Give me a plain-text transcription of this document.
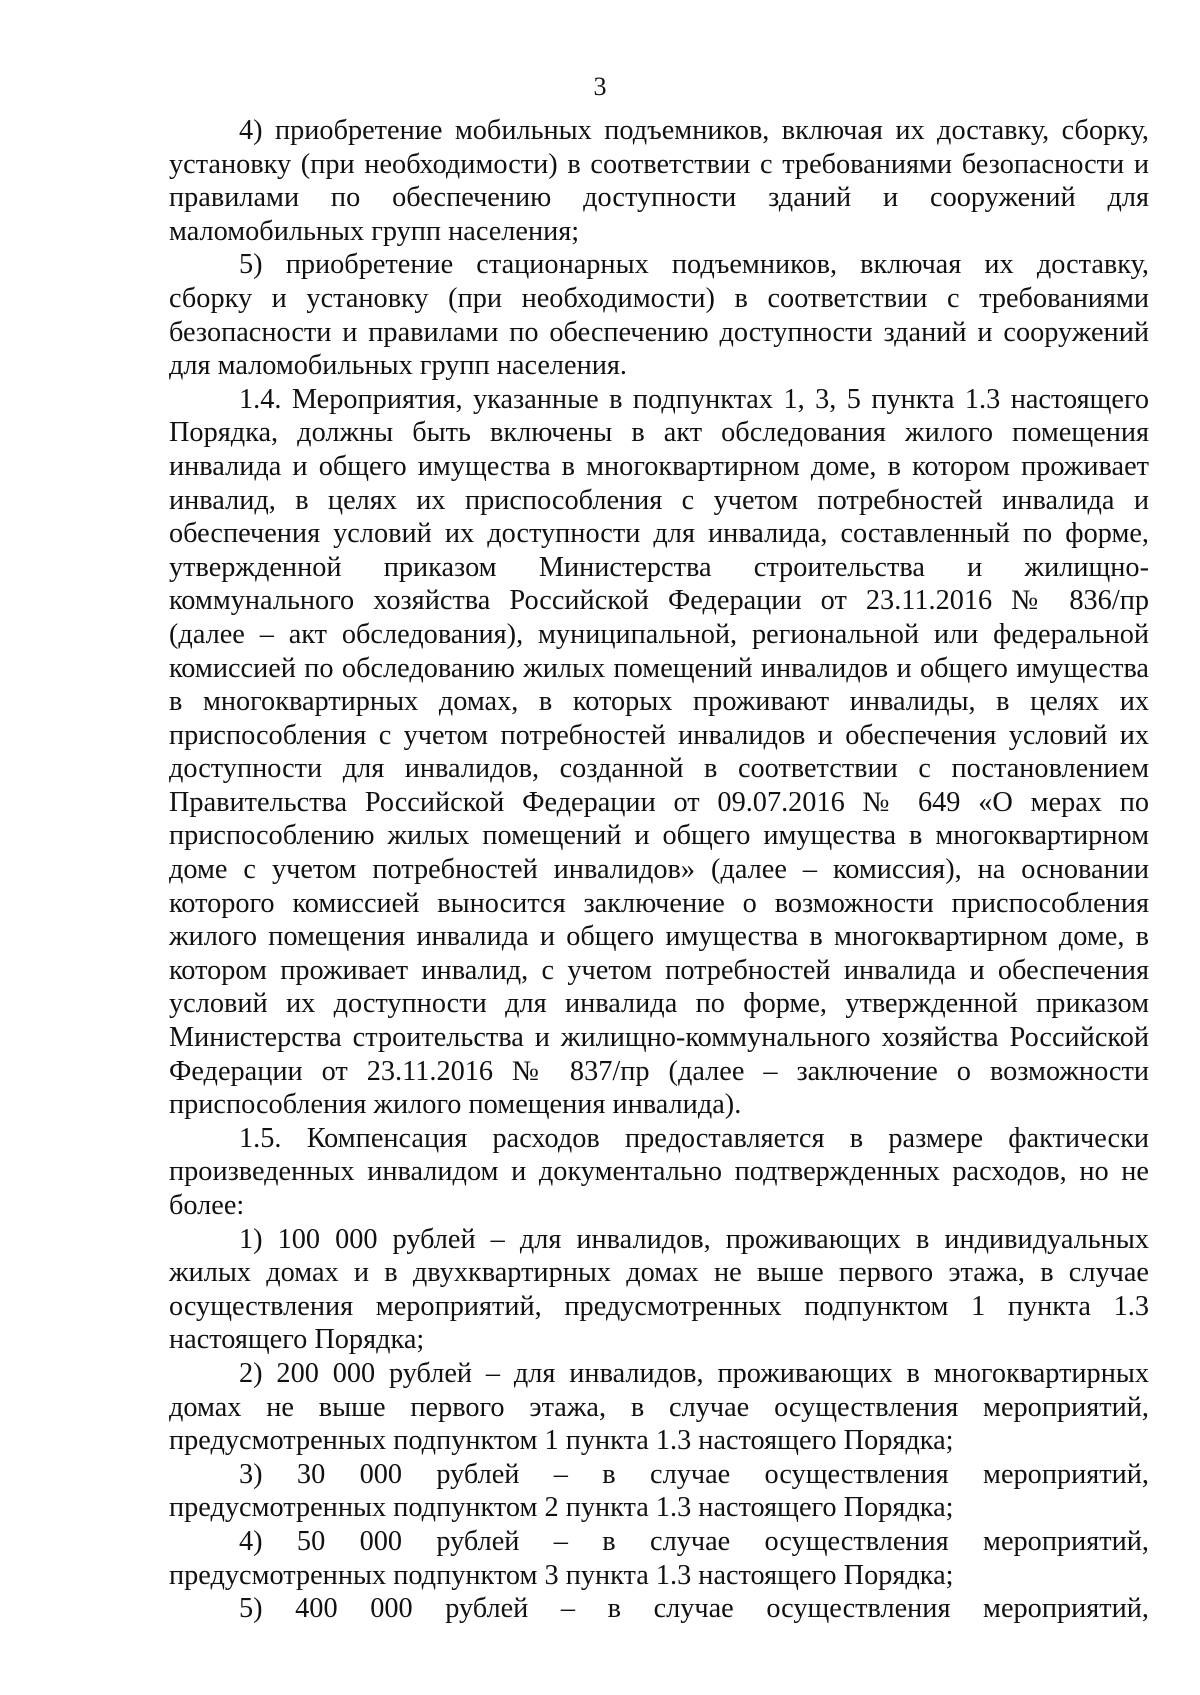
3
4) приобретение мобильных подъемников, включая их доставку, сборку,
установку (при необходимости) в соответствии с требованиями безопасности и
правилами по обеспечению доступности зданий и сооружений для
маломобильных групп населения;
5) приобретение стационарных подъемников, включая их доставку,
сборку и установку (при необходимости) в соответствии с требованиями
безопасности и правилами по обеспечению доступности зданий и сооружений
для маломобильных групп населения.
1.4. Мероприятия, указанные в подпунктах 1, 3, 5 пункта 1.3 настоящего
Порядка, должны быть включены в акт обследования жилого помещения
инвалида и общего имущества в многоквартирном доме, в котором проживает
инвалид, в целях их приспособления с учетом потребностей инвалида и
обеспечения условий их доступности для инвалида, составленный по форме,
утвержденной приказом Министерства строительства и жилищно-
коммунального хозяйства Российской Федерации от 23.11.2016 № 836/пр
(далее – акт обследования), муниципальной, региональной или федеральной
комиссией по обследованию жилых помещений инвалидов и общего имущества
в многоквартирных домах, в которых проживают инвалиды, в целях их
приспособления с учетом потребностей инвалидов и обеспечения условий их
доступности для инвалидов, созданной в соответствии с постановлением
Правительства Российской Федерации от 09.07.2016 № 649 «О мерах по
приспособлению жилых помещений и общего имущества в многоквартирном
доме с учетом потребностей инвалидов» (далее – комиссия), на основании
которого комиссией выносится заключение о возможности приспособления
жилого помещения инвалида и общего имущества в многоквартирном доме, в
котором проживает инвалид, с учетом потребностей инвалида и обеспечения
условий их доступности для инвалида по форме, утвержденной приказом
Министерства строительства и жилищно-коммунального хозяйства Российской
Федерации от 23.11.2016 № 837/пр (далее – заключение о возможности
приспособления жилого помещения инвалида).
1.5. Компенсация расходов предоставляется в размере фактически
произведенных инвалидом и документально подтвержденных расходов, но не
более:
1) 100 000 рублей – для инвалидов, проживающих в индивидуальных
жилых домах и в двухквартирных домах не выше первого этажа, в случае
осуществления мероприятий, предусмотренных подпунктом 1 пункта 1.3
настоящего Порядка;
2) 200 000 рублей – для инвалидов, проживающих в многоквартирных
домах не выше первого этажа, в случае осуществления мероприятий,
предусмотренных подпунктом 1 пункта 1.3 настоящего Порядка;
3) 30 000 рублей – в случае осуществления мероприятий,
предусмотренных подпунктом 2 пункта 1.3 настоящего Порядка;
4) 50 000 рублей – в случае осуществления мероприятий,
предусмотренных подпунктом 3 пункта 1.3 настоящего Порядка;
5) 400 000 рублей – в случае осуществления мероприятий,
